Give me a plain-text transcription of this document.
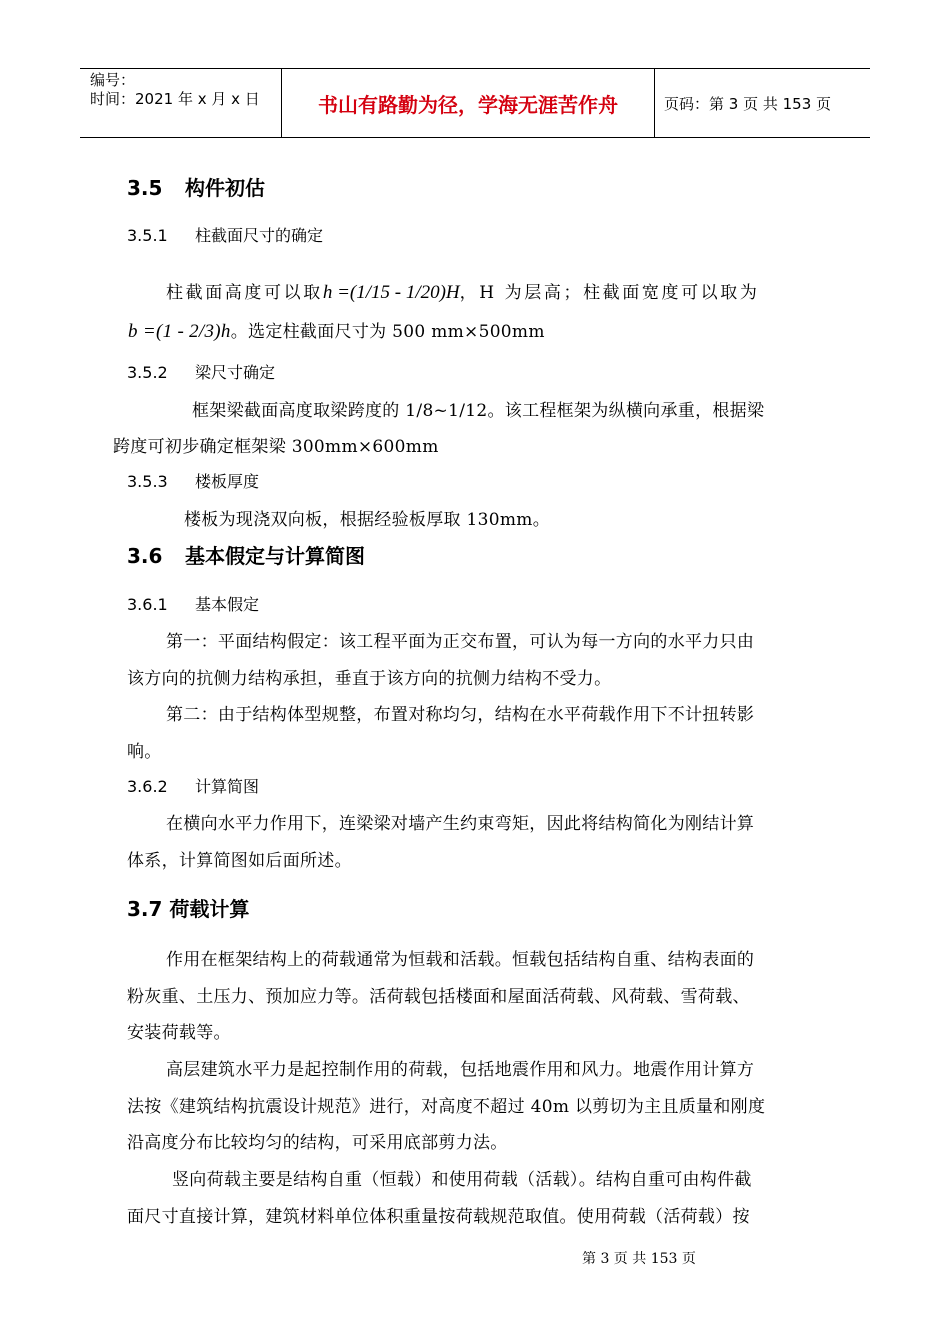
编号：
时间：2021 年 x 月 x 日	书山有路勤为径，学海无涯苦作舟	页码：第 3 页 共 153 页
3.5 构件初估
3.5.1 柱截面尺寸的确定
柱截面高度可以取h =(1/15 - 1/20)H，H 为层高；柱截面宽度可以取为
b =(1 - 2/3)h。选定柱截面尺寸为 500 mm×500mm
3.5.2 梁尺寸确定
框架梁截面高度取梁跨度的 1/8~1/12。该工程框架为纵横向承重，根据梁
跨度可初步确定框架梁 300mm×600mm
3.5.3 楼板厚度
楼板为现浇双向板，根据经验板厚取 130mm。
3.6 基本假定与计算简图
3.6.1 基本假定
第一：平面结构假定：该工程平面为正交布置，可认为每一方向的水平力只由
该方向的抗侧力结构承担，垂直于该方向的抗侧力结构不受力。
第二：由于结构体型规整，布置对称均匀，结构在水平荷载作用下不计扭转影
响。
3.6.2 计算简图
在横向水平力作用下，连梁梁对墙产生约束弯矩，因此将结构简化为刚结计算
体系，计算简图如后面所述。
3.7 荷载计算
作用在框架结构上的荷载通常为恒载和活载。恒载包括结构自重、结构表面的
粉灰重、土压力、预加应力等。活荷载包括楼面和屋面活荷载、风荷载、雪荷载、
安装荷载等。
高层建筑水平力是起控制作用的荷载，包括地震作用和风力。地震作用计算方
法按《建筑结构抗震设计规范》进行，对高度不超过 40m 以剪切为主且质量和刚度
沿高度分布比较均匀的结构，可采用底部剪力法。
竖向荷载主要是结构自重（恒载）和使用荷载（活载）。结构自重可由构件截
面尺寸直接计算，建筑材料单位体积重量按荷载规范取值。使用荷载（活荷载）按
第 3 页 共 153 页
